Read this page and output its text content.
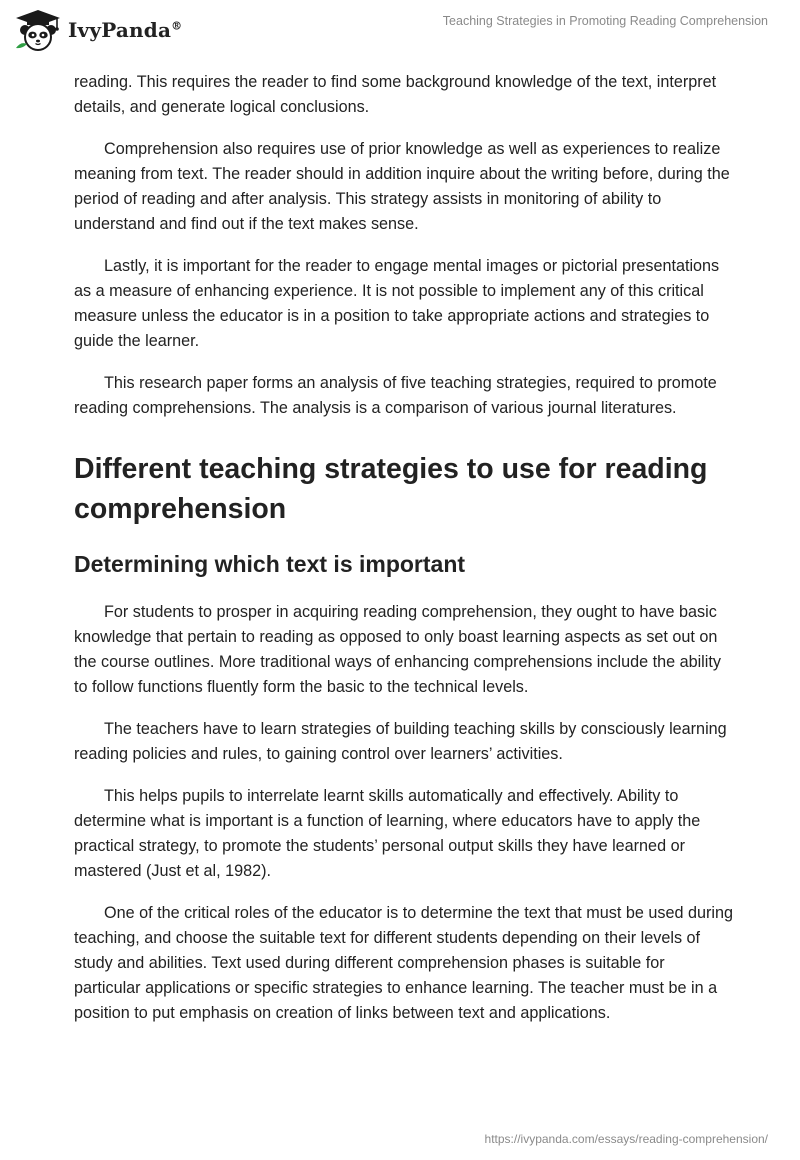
IvyPanda®	Teaching Strategies in Promoting Reading Comprehension

reading. This requires the reader to find some background knowledge of the text, interpret details, and generate logical conclusions.

Comprehension also requires use of prior knowledge as well as experiences to realize meaning from text. The reader should in addition inquire about the writing before, during the period of reading and after analysis. This strategy assists in monitoring of ability to understand and find out if the text makes sense.

Lastly, it is important for the reader to engage mental images or pictorial presentations as a measure of enhancing experience. It is not possible to implement any of this critical measure unless the educator is in a position to take appropriate actions and strategies to guide the learner.

This research paper forms an analysis of five teaching strategies, required to promote reading comprehensions. The analysis is a comparison of various journal literatures.

Different teaching strategies to use for reading comprehension
Determining which text is important

For students to prosper in acquiring reading comprehension, they ought to have basic knowledge that pertain to reading as opposed to only boast learning aspects as set out on the course outlines. More traditional ways of enhancing comprehensions include the ability to follow functions fluently form the basic to the technical levels.

The teachers have to learn strategies of building teaching skills by consciously learning reading policies and rules, to gaining control over learners’ activities.

This helps pupils to interrelate learnt skills automatically and effectively. Ability to determine what is important is a function of learning, where educators have to apply the practical strategy, to promote the students’ personal output skills they have learned or mastered (Just et al, 1982).

One of the critical roles of the educator is to determine the text that must be used during teaching, and choose the suitable text for different students depending on their levels of study and abilities. Text used during different comprehension phases is suitable for particular applications or specific strategies to enhance learning. The teacher must be in a position to put emphasis on creation of links between text and applications.

https://ivypanda.com/essays/reading-comprehension/
